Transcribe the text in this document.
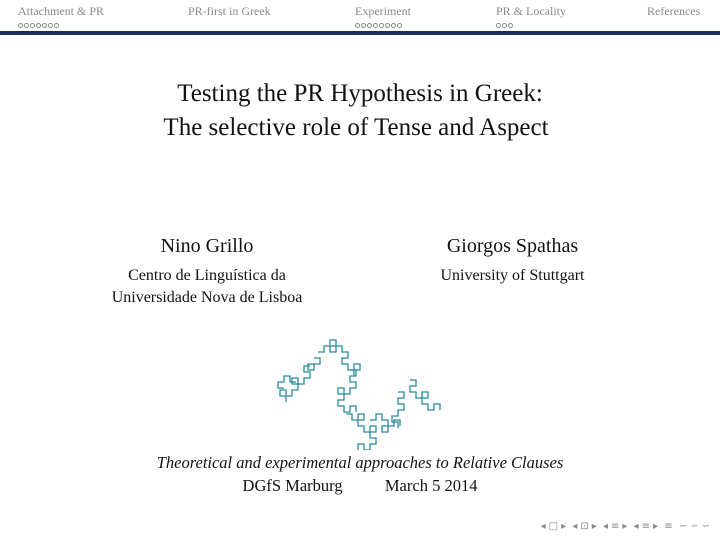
Attachment & PR	PR-first in Greek	Experiment	PR & Locality	References
Testing the PR Hypothesis in Greek:
The selective role of Tense and Aspect
Nino Grillo
Centro de Linguística da
Universidade Nova de Lisboa
Giorgos Spathas
University of Stuttgart
Theoretical and experimental approaches to Relative Clauses
DGfS Marburg	March 5 2014
◂ □ ▸ ◂ ⊡ ▸ ◂ ≡ ▸ ◂ ≡ ▸ ≡ ∽ ∽ ∽
